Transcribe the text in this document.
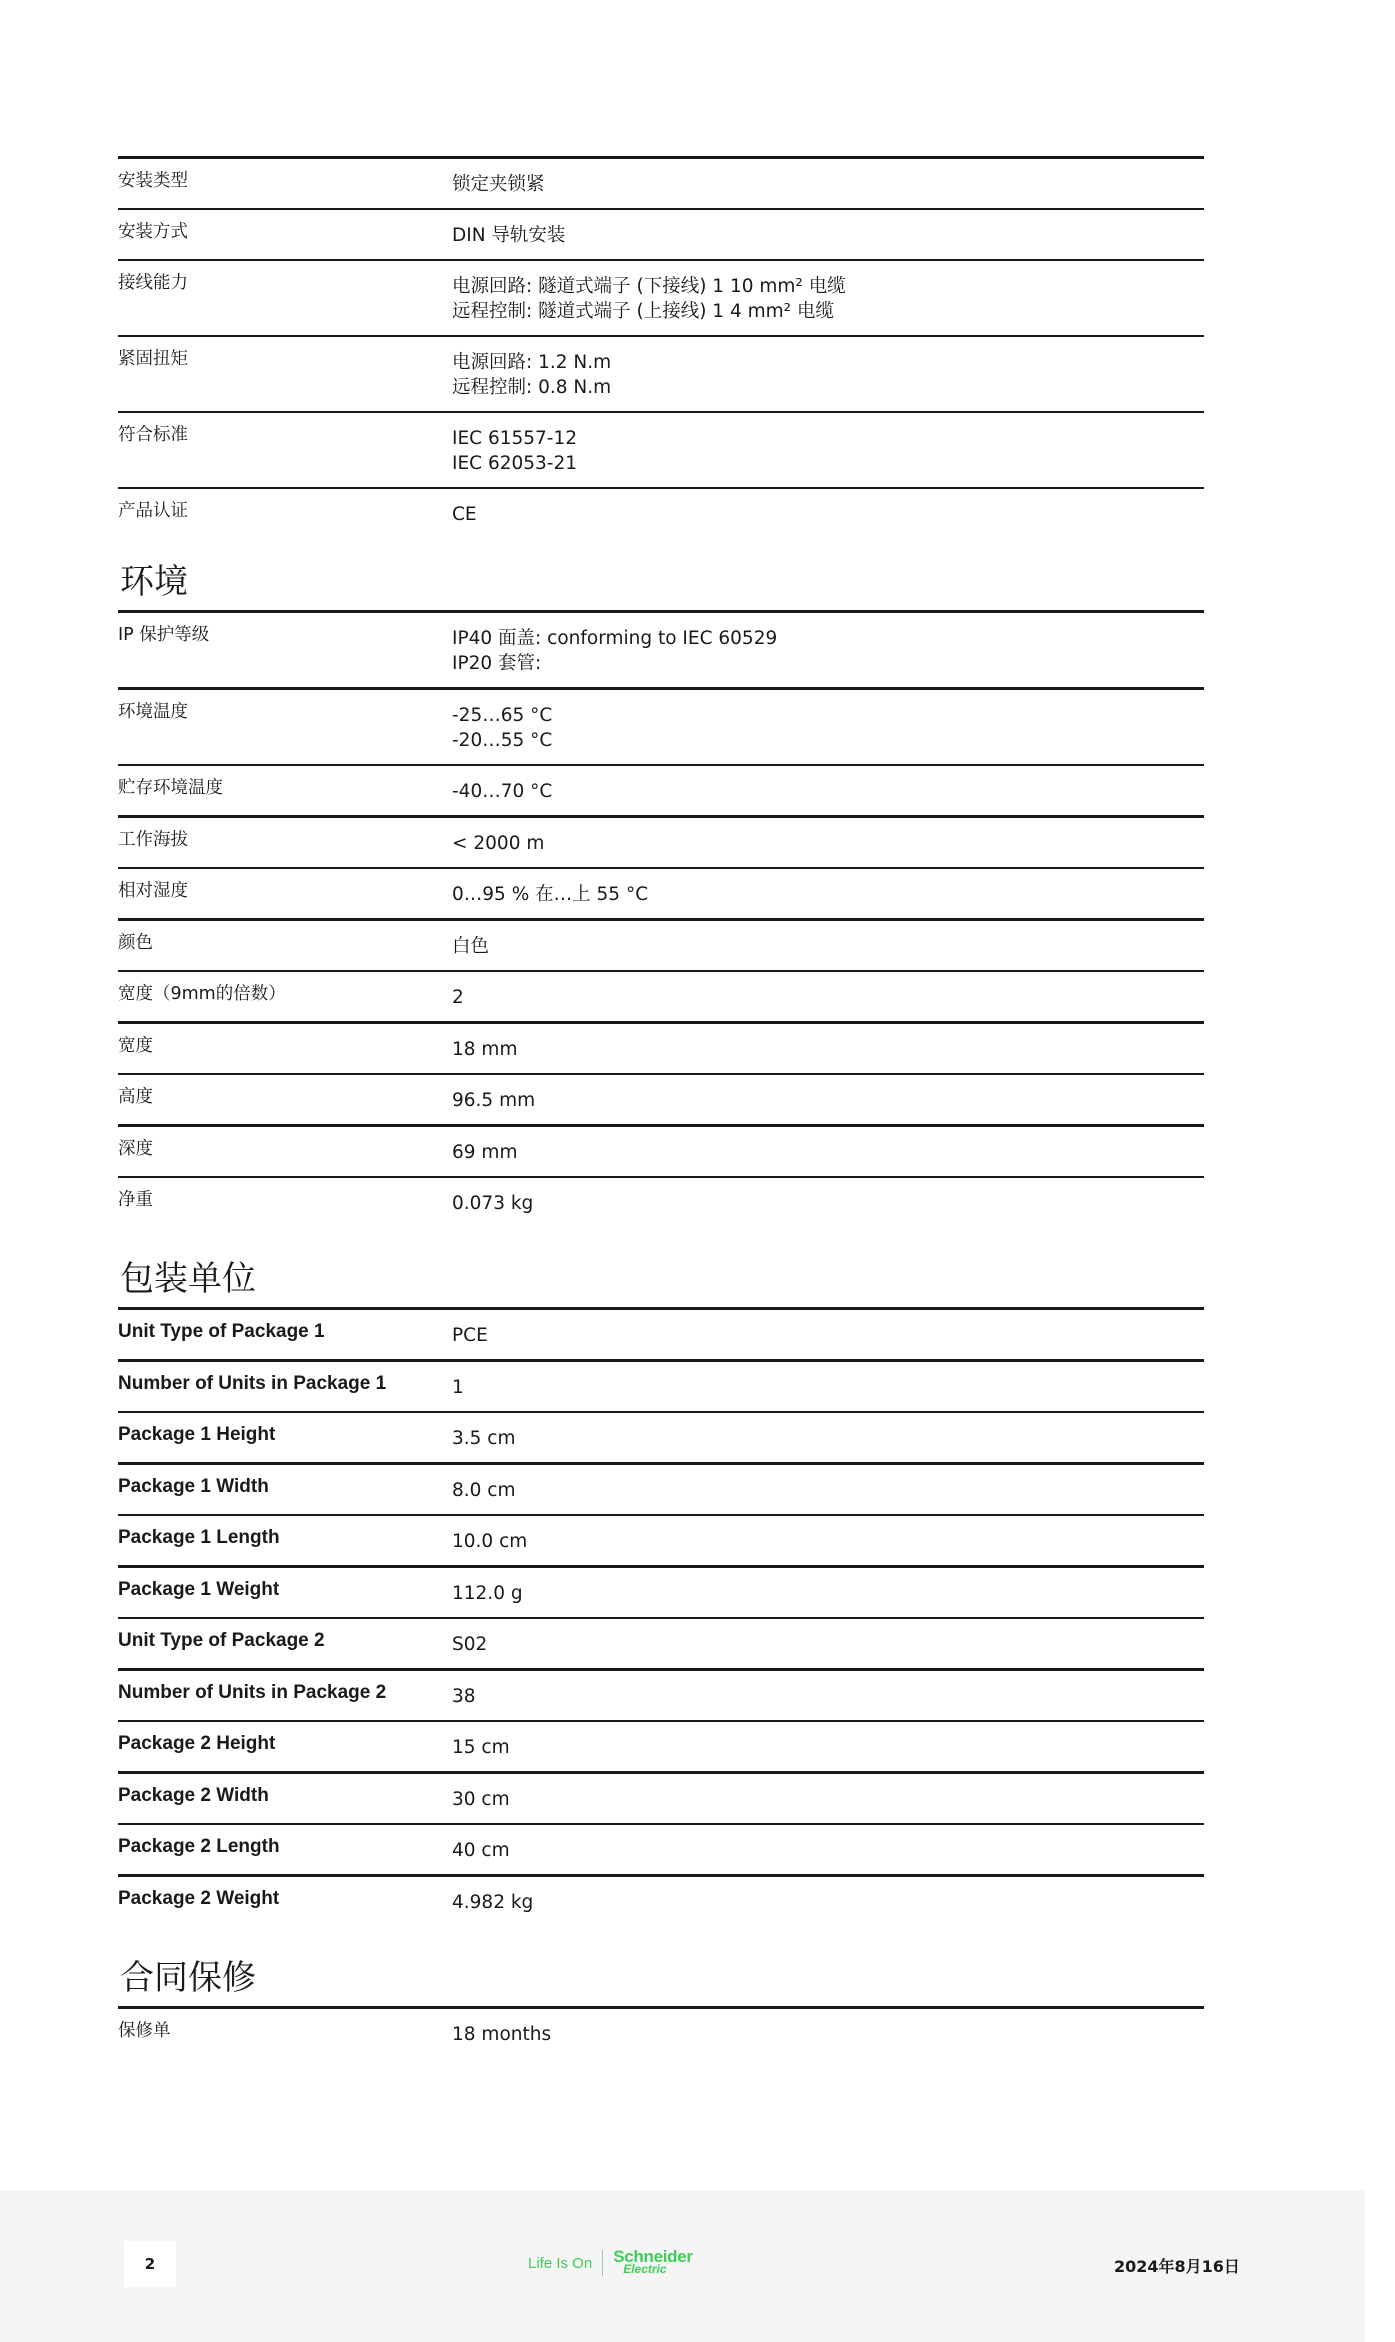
安装类型	锁定夹锁紧
安装方式	DIN 导轨安装
接线能力	电源回路: 隧道式端子 (下接线) 1 10 mm² 电缆
远程控制: 隧道式端子 (上接线) 1 4 mm² 电缆
紧固扭矩	电源回路: 1.2 N.m
远程控制: 0.8 N.m
符合标准	IEC 61557-12
IEC 62053-21
产品认证	CE
环境
IP 保护等级	IP40 面盖: conforming to IEC 60529
IP20 套管:
环境温度	-25…65 °C
-20…55 °C
贮存环境温度	-40…70 °C
工作海拔	< 2000 m
相对湿度	0…95 % 在…上 55 °C
颜色	白色
宽度（9mm的倍数）	2
宽度	18 mm
高度	96.5 mm
深度	69 mm
净重	0.073 kg
包装单位
Unit Type of Package 1	PCE
Number of Units in Package 1	1
Package 1 Height	3.5 cm
Package 1 Width	8.0 cm
Package 1 Length	10.0 cm
Package 1 Weight	112.0 g
Unit Type of Package 2	S02
Number of Units in Package 2	38
Package 2 Height	15 cm
Package 2 Width	30 cm
Package 2 Length	40 cm
Package 2 Weight	4.982 kg
合同保修
保修单	18 months
2	Life Is On Schneider
Electric	2024年8月16日
